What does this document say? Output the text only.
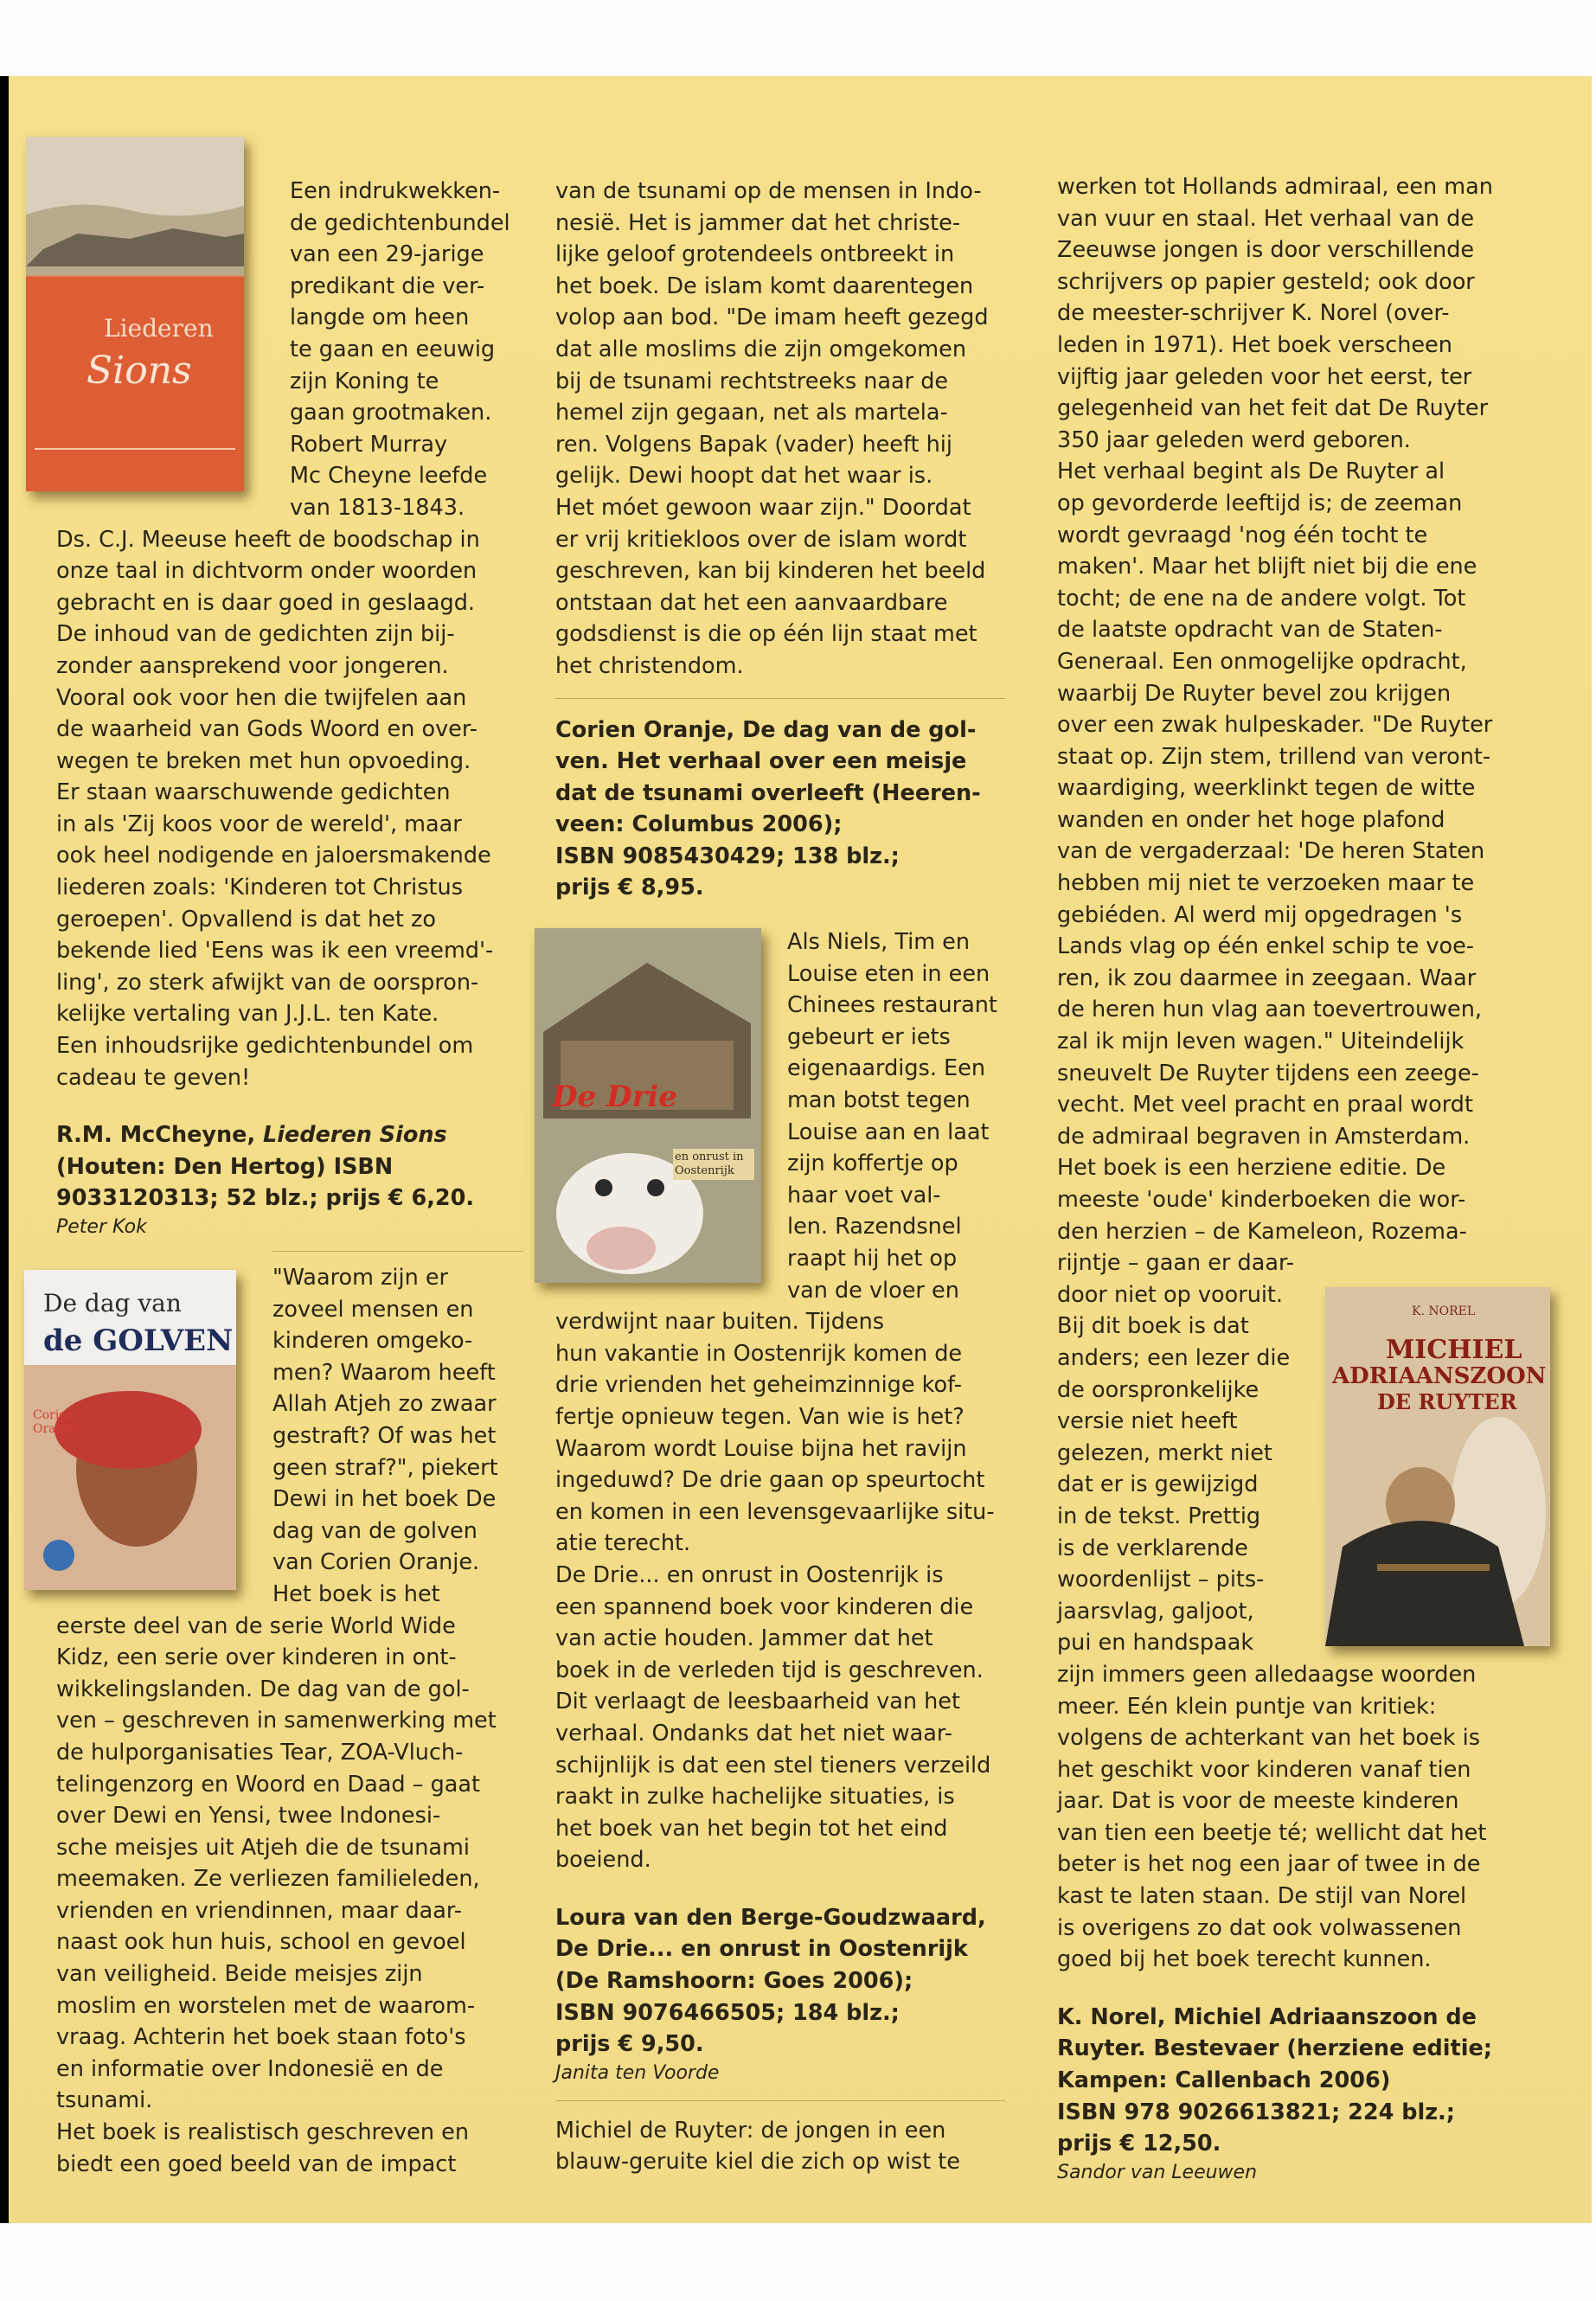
Een indrukwekken-
de gedichtenbundel
van een 29-jarige
predikant die ver-
langde om heen
te gaan en eeuwig
zijn Koning te
gaan grootmaken.
Robert Murray
Mc Cheyne leefde
van 1813-1843.
Ds. C.J. Meeuse heeft de boodschap in
onze taal in dichtvorm onder woorden
gebracht en is daar goed in geslaagd.
De inhoud van de gedichten zijn bij-
zonder aansprekend voor jongeren.
Vooral ook voor hen die twijfelen aan
de waarheid van Gods Woord en over-
wegen te breken met hun opvoeding.
Er staan waarschuwende gedichten
in als 'Zij koos voor de wereld', maar
ook heel nodigende en jaloersmakende
liederen zoals: 'Kinderen tot Christus
geroepen'. Opvallend is dat het zo
bekende lied 'Eens was ik een vreemd'-
ling', zo sterk afwijkt van de oorspron-
kelijke vertaling van J.J.L. ten Kate.
Een inhoudsrijke gedichtenbundel om
cadeau te geven!

R.M. McCheyne, Liederen Sions
(Houten: Den Hertog) ISBN
9033120313; 52 blz.; prijs € 6,20.

Peter Kok
"Waarom zijn er
zoveel mensen en
kinderen omgeko-
men? Waarom heeft
Allah Atjeh zo zwaar
gestraft? Of was het
geen straf?", piekert
Dewi in het boek De
dag van de golven
van Corien Oranje.
Het boek is het
eerste deel van de serie World Wide
Kidz, een serie over kinderen in ont-
wikkelingslanden. De dag van de gol-
ven – geschreven in samenwerking met
de hulporganisaties Tear, ZOA-Vluch-
telingenzorg en Woord en Daad – gaat
over Dewi en Yensi, twee Indonesi-
sche meisjes uit Atjeh die de tsunami
meemaken. Ze verliezen familieleden,
vrienden en vriendinnen, maar daar-
naast ook hun huis, school en gevoel
van veiligheid. Beide meisjes zijn
moslim en worstelen met de waarom-
vraag. Achterin het boek staan foto's
en informatie over Indonesië en de
tsunami.
Het boek is realistisch geschreven en
biedt een goed beeld van de impact
van de tsunami op de mensen in Indo-
nesië. Het is jammer dat het christe-
lijke geloof grotendeels ontbreekt in
het boek. De islam komt daarentegen
volop aan bod. "De imam heeft gezegd
dat alle moslims die zijn omgekomen
bij de tsunami rechtstreeks naar de
hemel zijn gegaan, net als martela-
ren. Volgens Bapak (vader) heeft hij
gelijk. Dewi hoopt dat het waar is.
Het móet gewoon waar zijn." Doordat
er vrij kritiekloos over de islam wordt
geschreven, kan bij kinderen het beeld
ontstaan dat het een aanvaardbare
godsdienst is die op één lijn staat met
het christendom.
Corien Oranje, De dag van de gol-
ven. Het verhaal over een meisje
dat de tsunami overleeft (Heeren-
veen: Columbus 2006);
ISBN 9085430429; 138 blz.;
prijs € 8,95.
Als Niels, Tim en
Louise eten in een
Chinees restaurant
gebeurt er iets
eigenaardigs. Een
man botst tegen
Louise aan en laat
zijn koffertje op
haar voet val-
len. Razendsnel
raapt hij het op
van de vloer en
verdwijnt naar buiten. Tijdens
hun vakantie in Oostenrijk komen de
drie vrienden het geheimzinnige kof-
fertje opnieuw tegen. Van wie is het?
Waarom wordt Louise bijna het ravijn
ingeduwd? De drie gaan op speurtocht
en komen in een levensgevaarlijke situ-
atie terecht.
De Drie... en onrust in Oostenrijk is
een spannend boek voor kinderen die
van actie houden. Jammer dat het
boek in de verleden tijd is geschreven.
Dit verlaagt de leesbaarheid van het
verhaal. Ondanks dat het niet waar-
schijnlijk is dat een stel tieners verzeild
raakt in zulke hachelijke situaties, is
het boek van het begin tot het eind
boeiend.
Loura van den Berge-Goudzwaard,
De Drie... en onrust in Oostenrijk
(De Ramshoorn: Goes 2006);
ISBN 9076466505; 184 blz.;
prijs € 9,50.
Janita ten Voorde
Michiel de Ruyter: de jongen in een
blauw-geruite kiel die zich op wist te
werken tot Hollands admiraal, een man
van vuur en staal. Het verhaal van de
Zeeuwse jongen is door verschillende
schrijvers op papier gesteld; ook door
de meester-schrijver K. Norel (over-
leden in 1971). Het boek verscheen
vijftig jaar geleden voor het eerst, ter
gelegenheid van het feit dat De Ruyter
350 jaar geleden werd geboren.
Het verhaal begint als De Ruyter al
op gevorderde leeftijd is; de zeeman
wordt gevraagd 'nog één tocht te
maken'. Maar het blijft niet bij die ene
tocht; de ene na de andere volgt. Tot
de laatste opdracht van de Staten-
Generaal. Een onmogelijke opdracht,
waarbij De Ruyter bevel zou krijgen
over een zwak hulpeskader. "De Ruyter
staat op. Zijn stem, trillend van veront-
waardiging, weerklinkt tegen de witte
wanden en onder het hoge plafond
van de vergaderzaal: 'De heren Staten
hebben mij niet te verzoeken maar te
gebiéden. Al werd mij opgedragen 's
Lands vlag op één enkel schip te voe-
ren, ik zou daarmee in zeegaan. Waar
de heren hun vlag aan toevertrouwen,
zal ik mijn leven wagen." Uiteindelijk
sneuvelt De Ruyter tijdens een zeege-
vecht. Met veel pracht en praal wordt
de admiraal begraven in Amsterdam.
Het boek is een herziene editie. De
meeste 'oude' kinderboeken die wor-
den herzien – de Kameleon, Rozema-
rijntje – gaan er daar-
door niet op vooruit.
Bij dit boek is dat
anders; een lezer die
de oorspronkelijke
versie niet heeft
gelezen, merkt niet
dat er is gewijzigd
in de tekst. Prettig
is de verklarende
woordenlijst – pits-
jaarsvlag, galjoot,
pui en handspaak
zijn immers geen alledaagse woorden
meer. Eén klein puntje van kritiek:
volgens de achterkant van het boek is
het geschikt voor kinderen vanaf tien
jaar. Dat is voor de meeste kinderen
van tien een beetje té; wellicht dat het
beter is het nog een jaar of twee in de
kast te laten staan. De stijl van Norel
is overigens zo dat ook volwassenen
goed bij het boek terecht kunnen.
K. Norel, Michiel Adriaanszoon de
Ruyter. Bestevaer (herziene editie;
Kampen: Callenbach 2006)
ISBN 978 9026613821; 224 blz.;
prijs € 12,50.
Sandor van Leeuwen
Liederen
Sions
De dag van
de GOLVEN
Corien Oranje
De Drie
en onrust in Oostenrijk
K. NOREL
MICHIEL
ADRIAANSZOON
DE RUYTER
